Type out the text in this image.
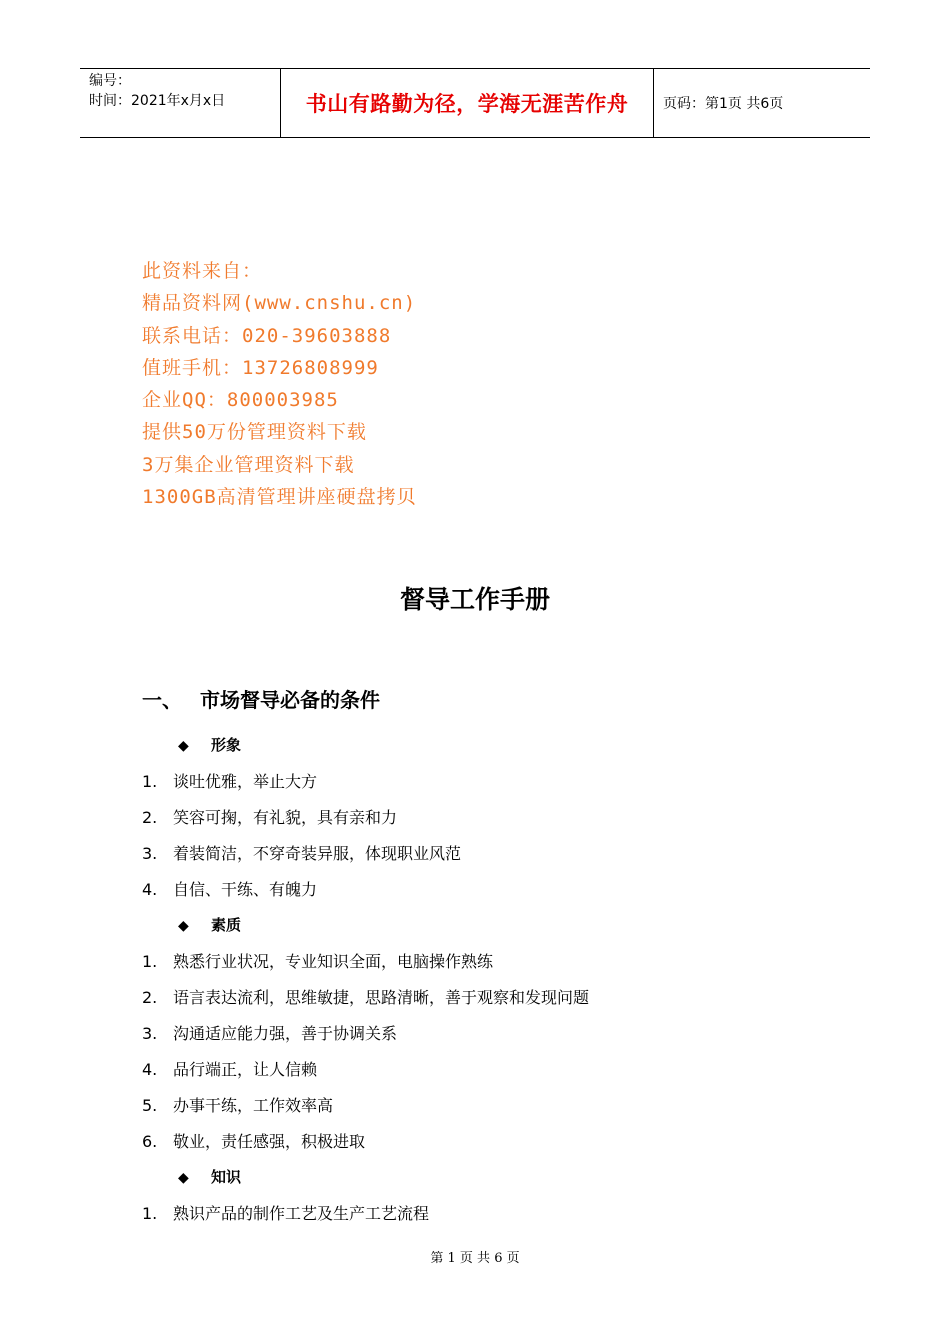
编号：
时间：2021年x月x日	书山有路勤为径，学海无涯苦作舟	页码：第1页 共6页
此资料来自：
精品资料网(www.cnshu.cn)
联系电话：020-39603888
值班手机：13726808999
企业QQ：800003985
提供50万份管理资料下载
3万集企业管理资料下载
1300GB高清管理讲座硬盘拷贝
督导工作手册
一、 市场督导必备的条件
◆ 形象
1. 谈吐优雅，举止大方
2. 笑容可掬，有礼貌，具有亲和力
3. 着装简洁，不穿奇装异服，体现职业风范
4. 自信、干练、有魄力
◆ 素质
1. 熟悉行业状况，专业知识全面，电脑操作熟练
2. 语言表达流利，思维敏捷，思路清晰，善于观察和发现问题
3. 沟通适应能力强，善于协调关系
4. 品行端正，让人信赖
5. 办事干练，工作效率高
6. 敬业，责任感强，积极进取
◆ 知识
1. 熟识产品的制作工艺及生产工艺流程
第 1 页 共 6 页
